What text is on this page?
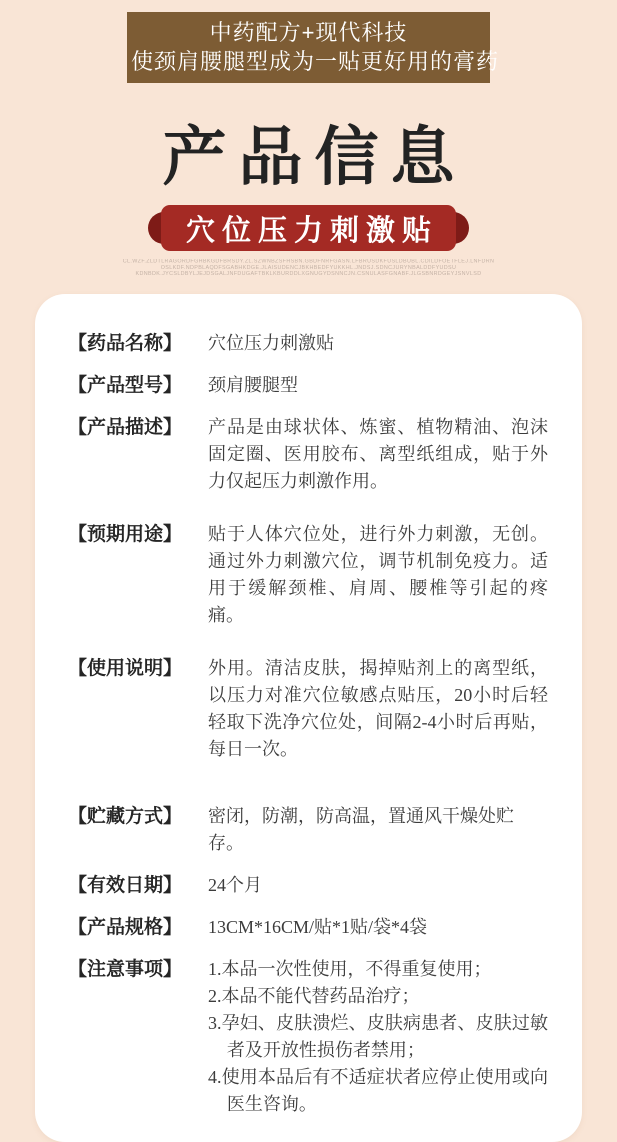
中药配方+现代科技
使颈肩腰腿型成为一贴更好用的膏药
产品信息
穴位压力刺激贴
CL.WZF.ZLDTLRAGORDFGHBKGDFBRSDY.ZL.SZWNBZSFHSBN.GBDFNRFGASN.LFBRUSDKFUSLDBUBL.CDILDFOETFLEJ.LNFDRN
OSLKDF.NDPBLAQDFSGABHKDGE.JLAISUDENCJBKHBEDFYUKKHL.JNDSJ.SDNCJURYNBALDDFYUDSU
KDNBDK.JYCSLDBYLJEJDSGALJNFDUGAFTBKLKBURDDLXGNUGYDSNNCJN.CSNULASFGNABF.JLGSBNRDGEYJSNVLSD
【药品名称】	穴位压力刺激贴
【产品型号】	颈肩腰腿型
【产品描述】	产品是由球状体、炼蜜、植物精油、泡沫固定圈、医用胶布、离型纸组成，贴于外力仅起压力刺激作用。
【预期用途】	贴于人体穴位处，进行外力刺激，无创。通过外力刺激穴位，调节机制免疫力。适用于缓解颈椎、肩周、腰椎等引起的疼痛。
【使用说明】	外用。清洁皮肤，揭掉贴剂上的离型纸，以压力对准穴位敏感点贴压，20小时后轻轻取下洗净穴位处，间隔2-4小时后再贴，每日一次。
【贮藏方式】	密闭，防潮，防高温，置通风干燥处贮存。
【有效日期】	24个月
【产品规格】	13CM*16CM/贴*1贴/袋*4袋
【注意事项】	1.本品一次性使用，不得重复使用；
2.本品不能代替药品治疗；
3.孕妇、皮肤溃烂、皮肤病患者、皮肤过敏者及开放性损伤者禁用；
4.使用本品后有不适症状者应停止使用或向医生咨询。
